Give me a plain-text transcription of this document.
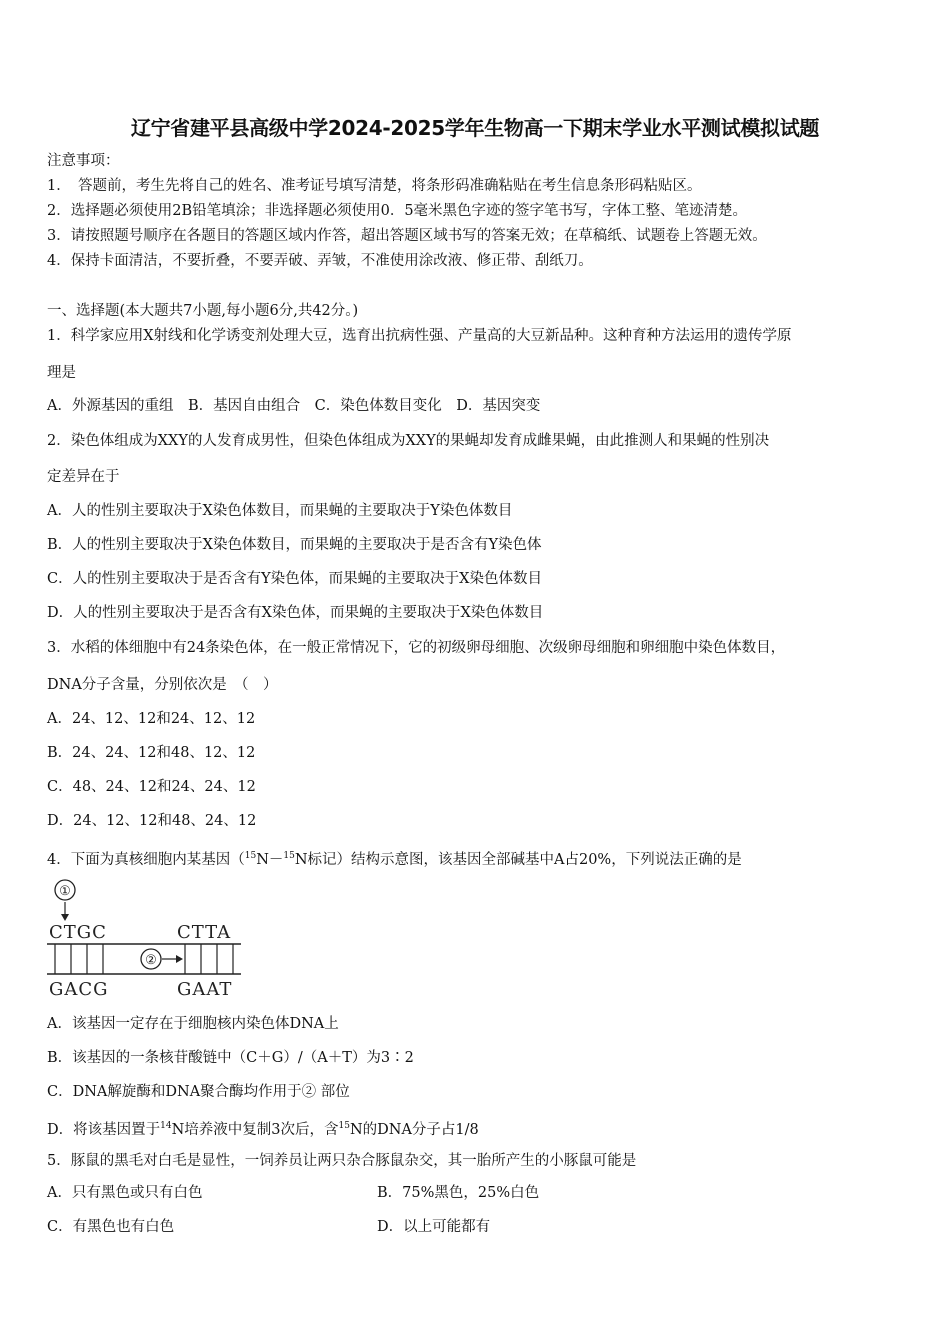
辽宁省建平县高级中学2024-2025学年生物高一下期末学业水平测试模拟试题
注意事项：
1．　答题前，考生先将自己的姓名、准考证号填写清楚，将条形码准确粘贴在考生信息条形码粘贴区。
2．选择题必须使用2B铅笔填涂；非选择题必须使用0．5毫米黑色字迹的签字笔书写，字体工整、笔迹清楚。
3．请按照题号顺序在各题目的答题区域内作答，超出答题区域书写的答案无效；在草稿纸、试题卷上答题无效。
4．保持卡面清洁，不要折叠，不要弄破、弄皱，不准使用涂改液、修正带、刮纸刀。
一、选择题(本大题共7小题,每小题6分,共42分。)
1．科学家应用X射线和化学诱变剂处理大豆，选育出抗病性强、产量高的大豆新品种。这种育种方法运用的遗传学原
理是
A．外源基因的重组　B．基因自由组合　C．染色体数目变化　D．基因突变
2．染色体组成为XXY的人发育成男性，但染色体组成为XXY的果蝇却发育成雌果蝇，由此推测人和果蝇的性别决
定差异在于
A．人的性别主要取决于X染色体数目，而果蝇的主要取决于Y染色体数目
B．人的性别主要取决于X染色体数目，而果蝇的主要取决于是否含有Y染色体
C．人的性别主要取决于是否含有Y染色体，而果蝇的主要取决于X染色体数目
D．人的性别主要取决于是否含有X染色体，而果蝇的主要取决于X染色体数目
3．水稻的体细胞中有24条染色体，在一般正常情况下，它的初级卵母细胞、次级卵母细胞和卵细胞中染色体数目，
DNA分子含量，分别依次是　（　）
A．24、12、12和24、12、12
B．24、24、12和48、12、12
C．48、24、12和24、24、12
D．24、12、12和48、24、12
4．下面为真核细胞内某基因（$^{15}$N－$^{15}$N标记）结构示意图，该基因全部碱基中A占20%，下列说法正确的是
①
CTGC	CTTA
②
GACG	GAAT
A．该基因一定存在于细胞核内染色体DNA上
B．该基因的一条核苷酸链中（C＋G）/（A＋T）为3∶2
C．DNA解旋酶和DNA聚合酶均作用于② 部位
D．将该基因置于$^{14}$N培养液中复制3次后，含$^{15}$N的DNA分子占1/8
5．豚鼠的黑毛对白毛是显性，一饲养员让两只杂合豚鼠杂交，其一胎所产生的小豚鼠可能是
A．只有黑色或只有白色	B．75%黑色，25%白色
C．有黑色也有白色	D．以上可能都有
